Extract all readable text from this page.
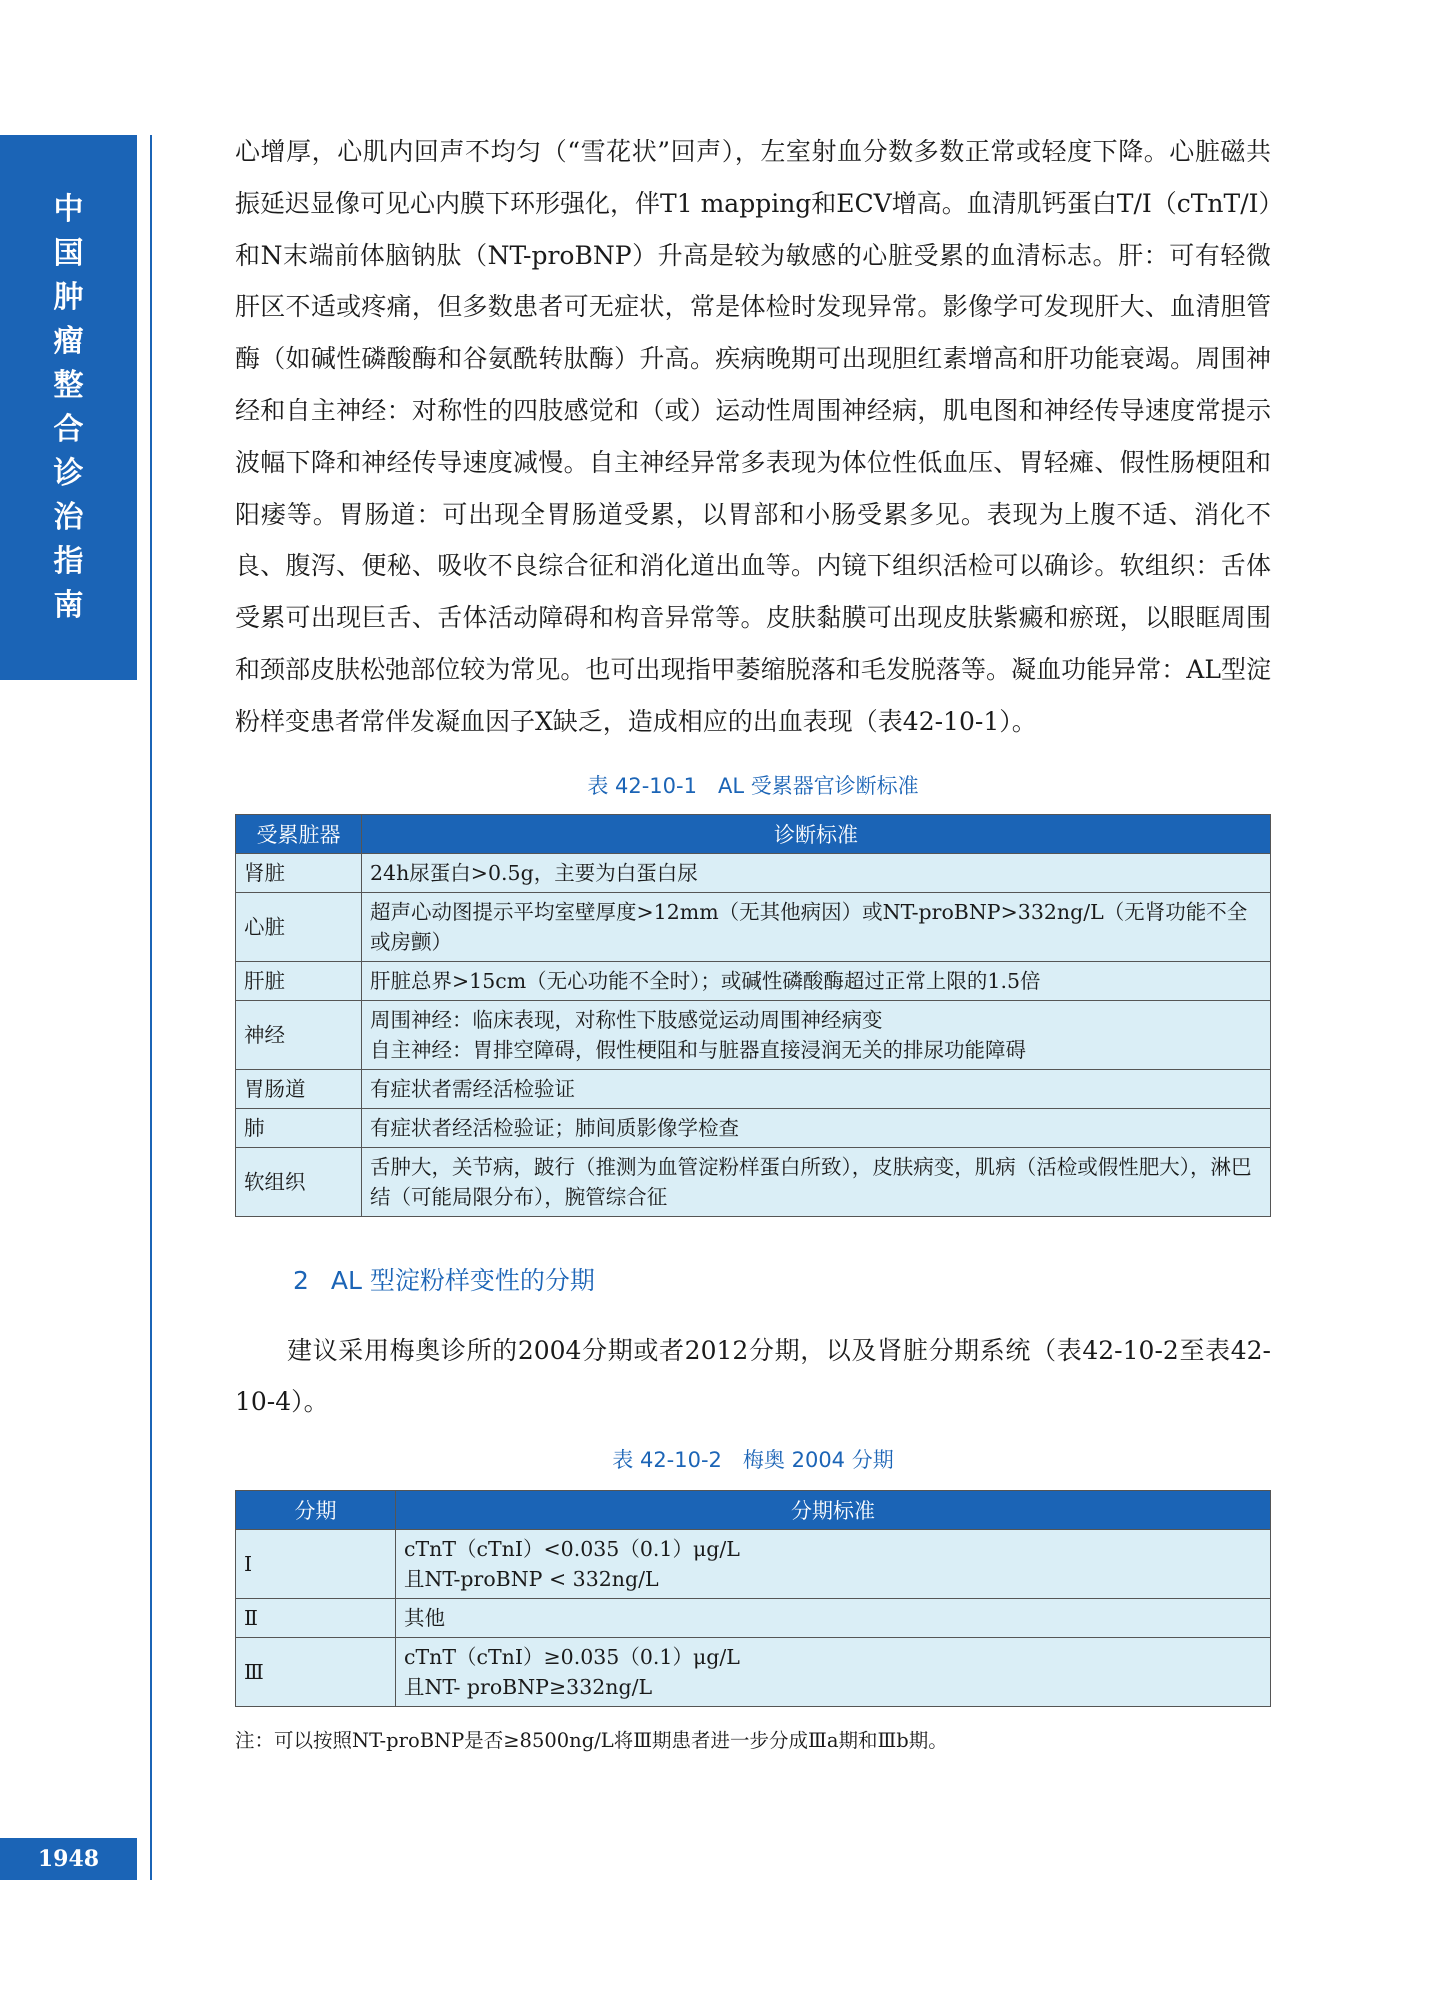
中国肿瘤整合诊治指南
1948

心增厚，心肌内回声不均匀（“雪花状”回声），左室射血分数多数正常或轻度下降。心脏磁共振延迟显像可见心内膜下环形强化，伴T1 mapping和ECV增高。血清肌钙蛋白T/I（cTnT/I）和N末端前体脑钠肽（NT-proBNP）升高是较为敏感的心脏受累的血清标志。肝：可有轻微肝区不适或疼痛，但多数患者可无症状，常是体检时发现异常。影像学可发现肝大、血清胆管酶（如碱性磷酸酶和谷氨酰转肽酶）升高。疾病晚期可出现胆红素增高和肝功能衰竭。周围神经和自主神经：对称性的四肢感觉和（或）运动性周围神经病，肌电图和神经传导速度常提示波幅下降和神经传导速度减慢。自主神经异常多表现为体位性低血压、胃轻瘫、假性肠梗阻和阳痿等。胃肠道：可出现全胃肠道受累，以胃部和小肠受累多见。表现为上腹不适、消化不良、腹泻、便秘、吸收不良综合征和消化道出血等。内镜下组织活检可以确诊。软组织：舌体受累可出现巨舌、舌体活动障碍和构音异常等。皮肤黏膜可出现皮肤紫癜和瘀斑，以眼眶周围和颈部皮肤松弛部位较为常见。也可出现指甲萎缩脱落和毛发脱落等。凝血功能异常：AL型淀粉样变患者常伴发凝血因子X缺乏，造成相应的出血表现（表42-10-1）。

表 42-10-1　AL 受累器官诊断标准

受累脏器	诊断标准
肾脏	24h尿蛋白>0.5g，主要为白蛋白尿
心脏	超声心动图提示平均室壁厚度>12mm（无其他病因）或NT-proBNP>332ng/L（无肾功能不全或房颤）
肝脏	肝脏总界>15cm（无心功能不全时）；或碱性磷酸酶超过正常上限的1.5倍
神经	周围神经：临床表现，对称性下肢感觉运动周围神经病变
自主神经：胃排空障碍，假性梗阻和与脏器直接浸润无关的排尿功能障碍

胃肠道	有症状者需经活检验证
肺	有症状者经活检验证；肺间质影像学检查
软组织	舌肿大，关节病，跛行（推测为血管淀粉样蛋白所致），皮肤病变，肌病（活检或假性肥大），淋巴结（可能局限分布），腕管综合征

2 AL 型淀粉样变性的分期

建议采用梅奥诊所的2004分期或者2012分期，以及肾脏分期系统（表42-10-2至表42-10-4）。

表 42-10-2　梅奥 2004 分期

分期	分期标准
Ⅰ	cTnT（cTnI）<0.035（0.1）μg/L
且NT-proBNP < 332ng/L

Ⅱ	其他
Ⅲ	cTnT（cTnI）≥0.035（0.1）μg/L
且NT- proBNP≥332ng/L

注：可以按照NT-proBNP是否≥8500ng/L将Ⅲ期患者进一步分成Ⅲa期和Ⅲb期。
